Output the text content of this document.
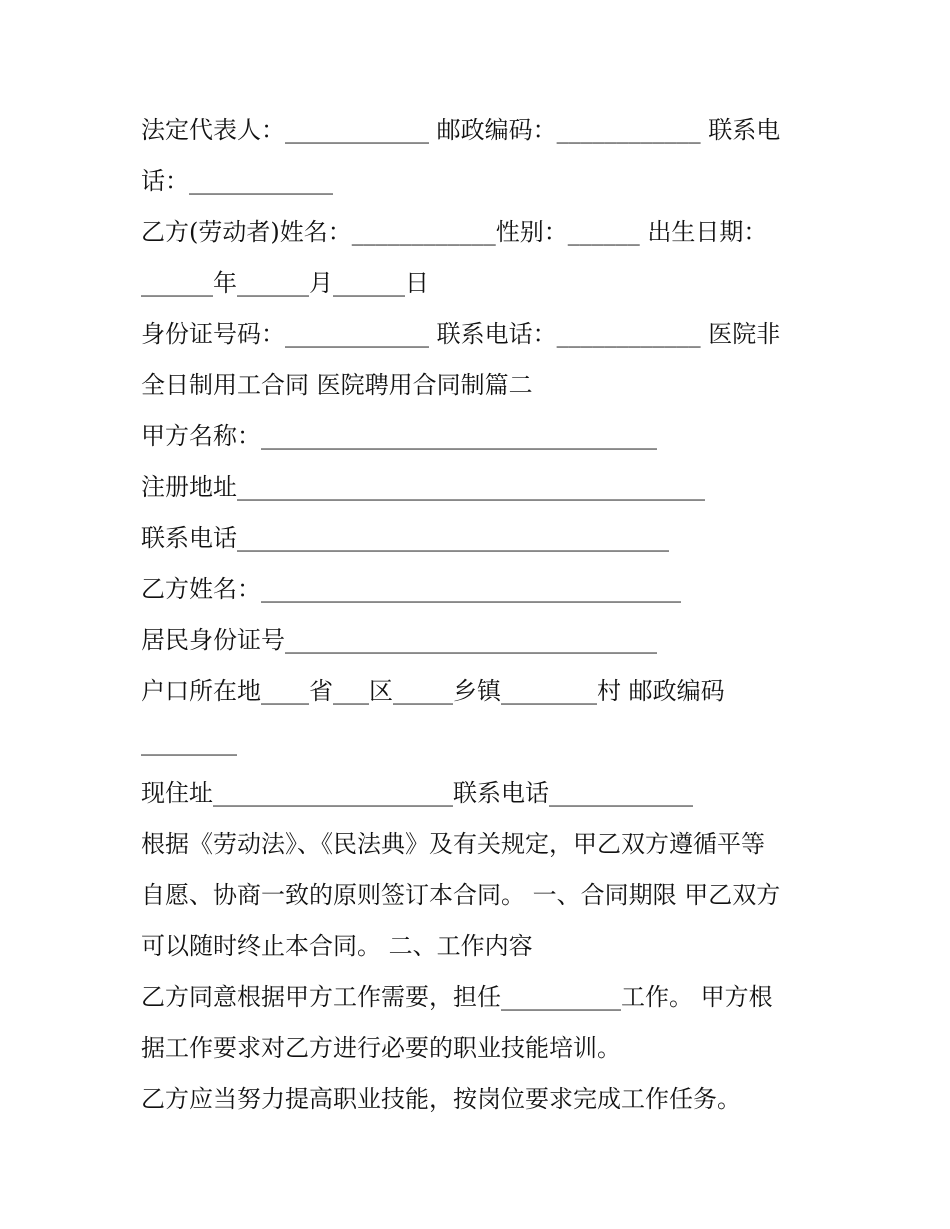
法定代表人：____________ 邮政编码：____________ 联系电
话：____________
乙方(劳动者)姓名：____________性别：______ 出生日期：
______年______月______日
身份证号码：____________ 联系电话：____________ 医院非
全日制用工合同 医院聘用合同制篇二
甲方名称：_________________________________
注册地址_______________________________________
联系电话____________________________________
乙方姓名：___________________________________
居民身份证号_______________________________
户口所在地____省___区_____乡镇________村 邮政编码
________
现住址____________________联系电话____________
根据《劳动法》、《民法典》及有关规定，甲乙双方遵循平等
自愿、协商一致的原则签订本合同。 一、合同期限 甲乙双方
可以随时终止本合同。 二、工作内容
乙方同意根据甲方工作需要，担任__________工作。 甲方根
据工作要求对乙方进行必要的职业技能培训。
乙方应当努力提高职业技能，按岗位要求完成工作任务。
